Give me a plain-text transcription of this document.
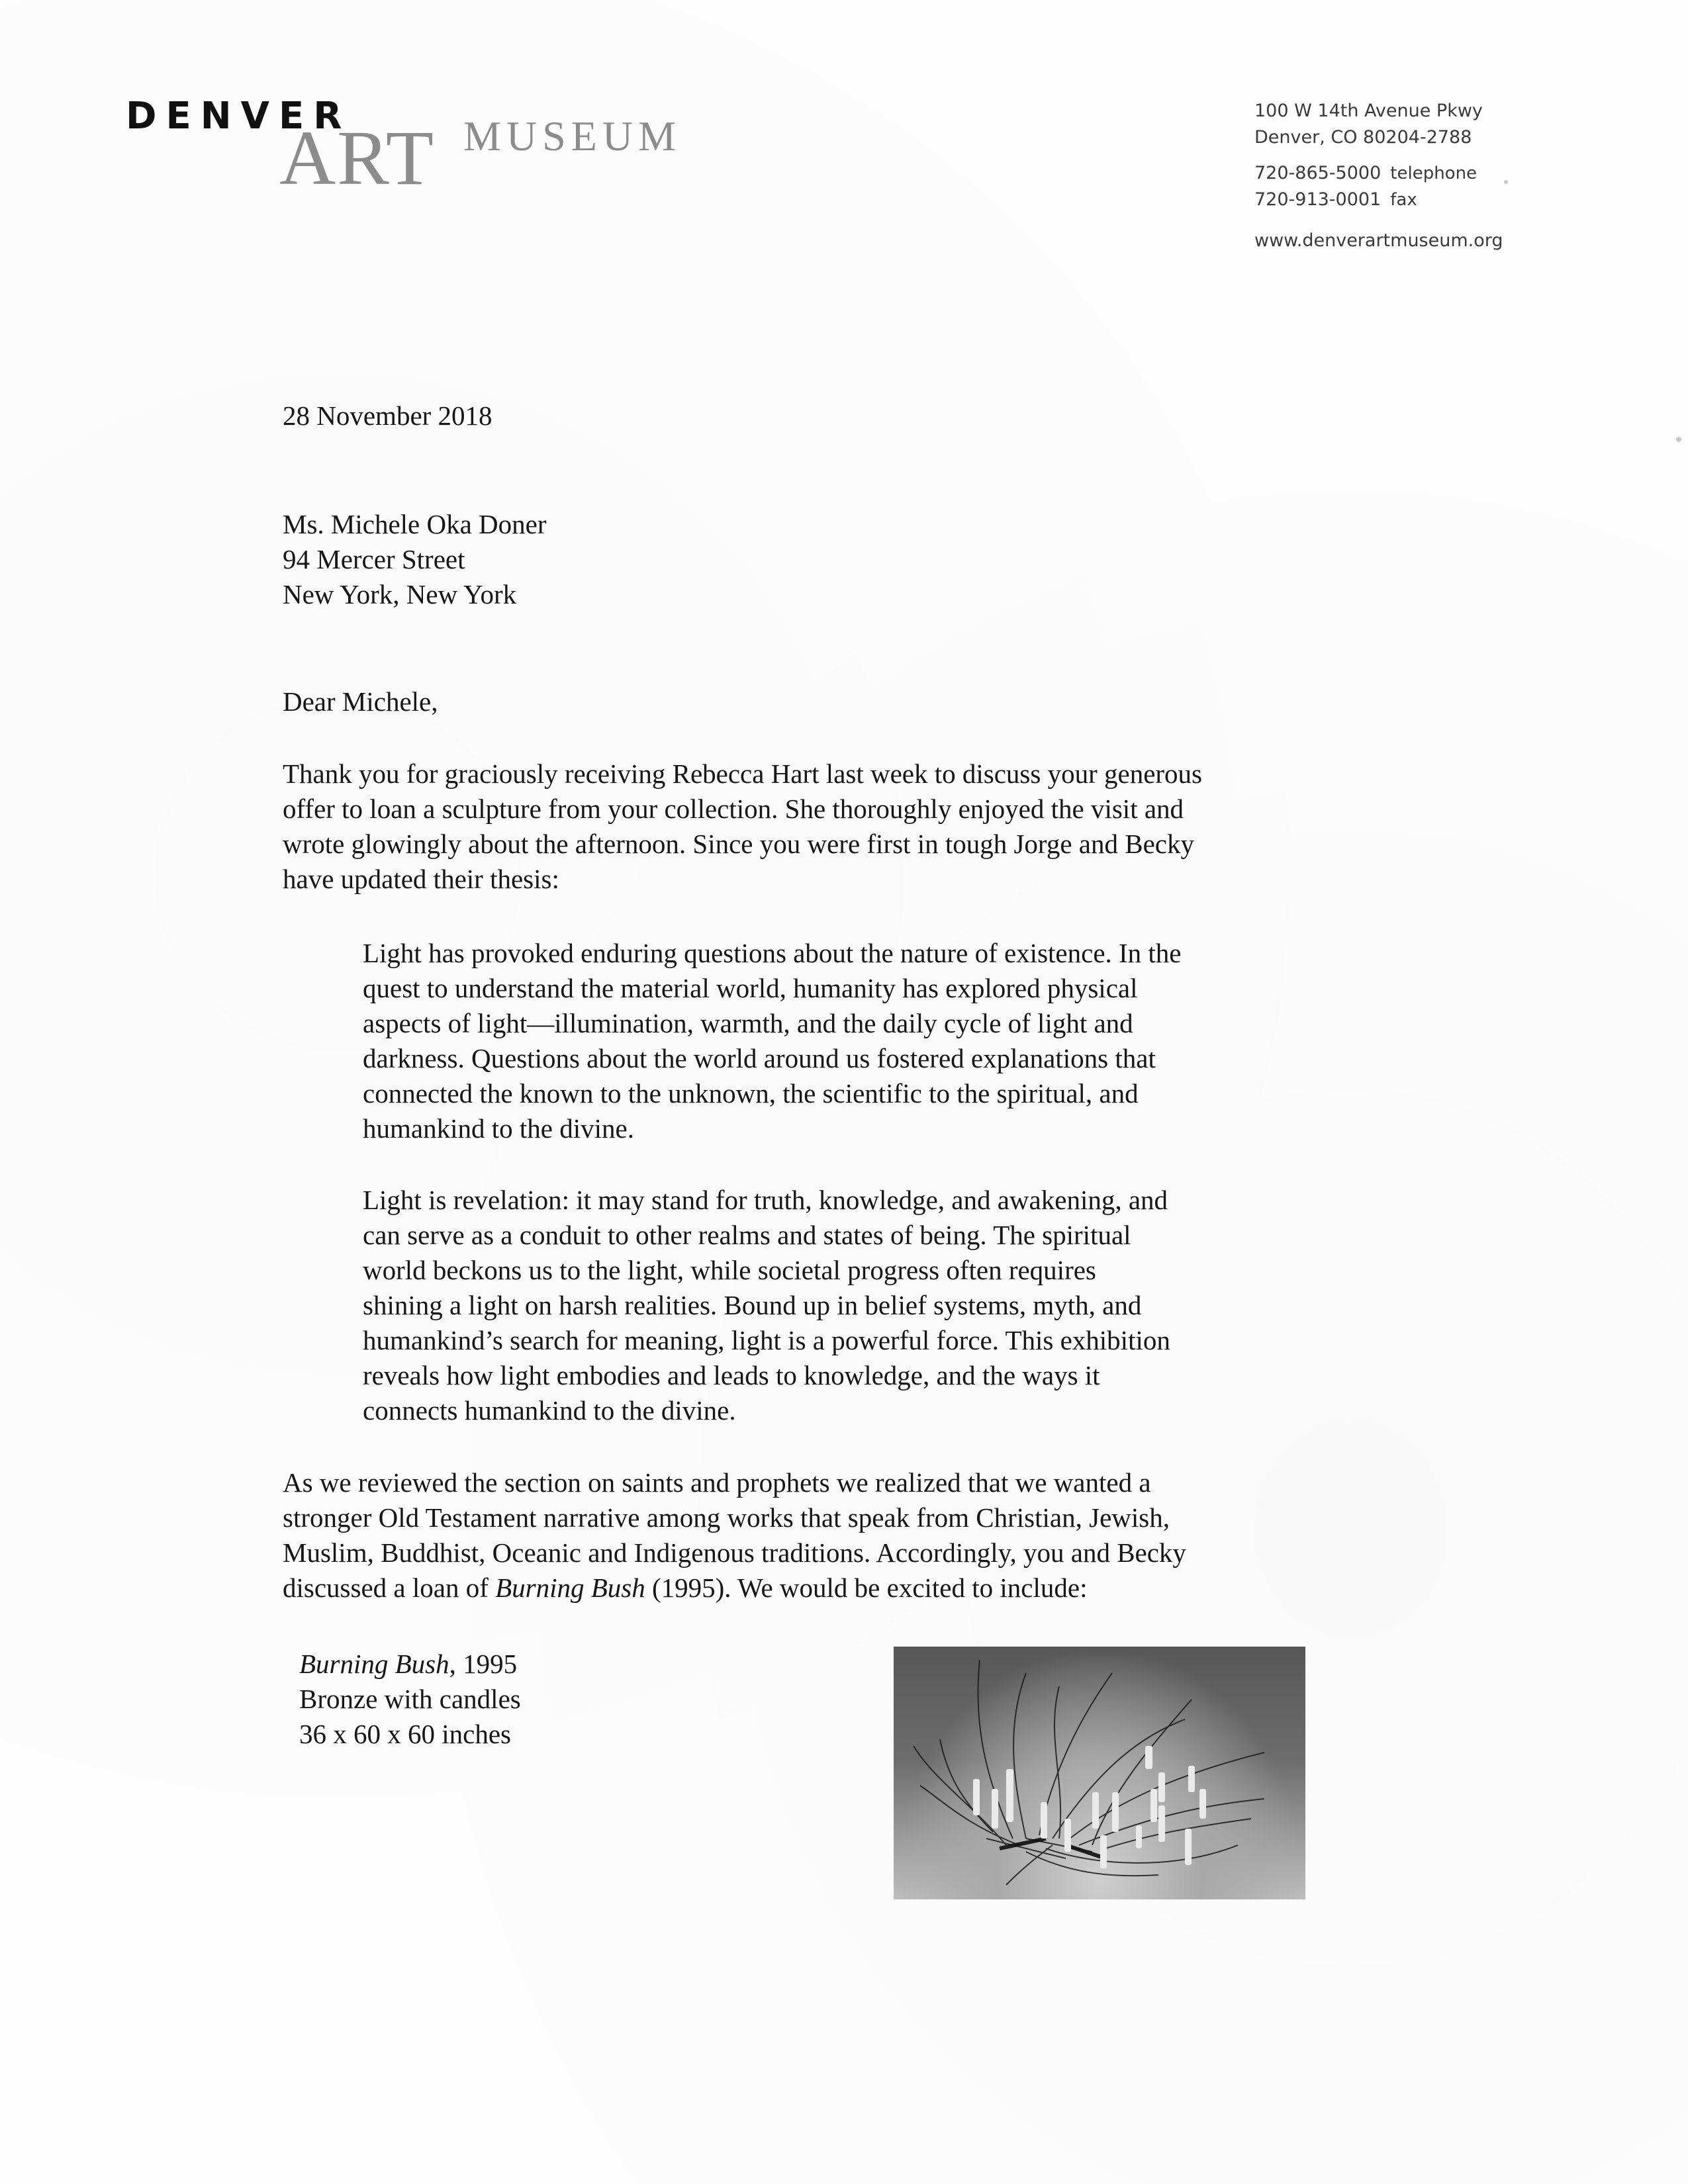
ART
DENVER	MUSEUM
100 W 14th Avenue Pkwy
Denver, CO 80204-2788
720-865-5000 telephone
720-913-0001 fax
www.denverartmuseum.org
28 November 2018

Ms. Michele Oka Doner

94 Mercer Street

New York, New York

Dear Michele,
Thank you for graciously receiving Rebecca Hart last week to discuss your generous
offer to loan a sculpture from your collection. She thoroughly enjoyed the visit and
wrote glowingly about the afternoon. Since you were first in tough Jorge and Becky
have updated their thesis:
Light has provoked enduring questions about the nature of existence. In the
quest to understand the material world, humanity has explored physical
aspects of light—illumination, warmth, and the daily cycle of light and
darkness. Questions about the world around us fostered explanations that
connected the known to the unknown, the scientific to the spiritual, and
humankind to the divine.
Light is revelation: it may stand for truth, knowledge, and awakening, and
can serve as a conduit to other realms and states of being. The spiritual
world beckons us to the light, while societal progress often requires
shining a light on harsh realities. Bound up in belief systems, myth, and
humankind’s search for meaning, light is a powerful force. This exhibition
reveals how light embodies and leads to knowledge, and the ways it
connects humankind to the divine.
As we reviewed the section on saints and prophets we realized that we wanted a
stronger Old Testament narrative among works that speak from Christian, Jewish,
Muslim, Buddhist, Oceanic and Indigenous traditions. Accordingly, you and Becky
discussed a loan of Burning Bush (1995). We would be excited to include:
Burning Bush, 1995
Bronze with candles
36 x 60 x 60 inches
